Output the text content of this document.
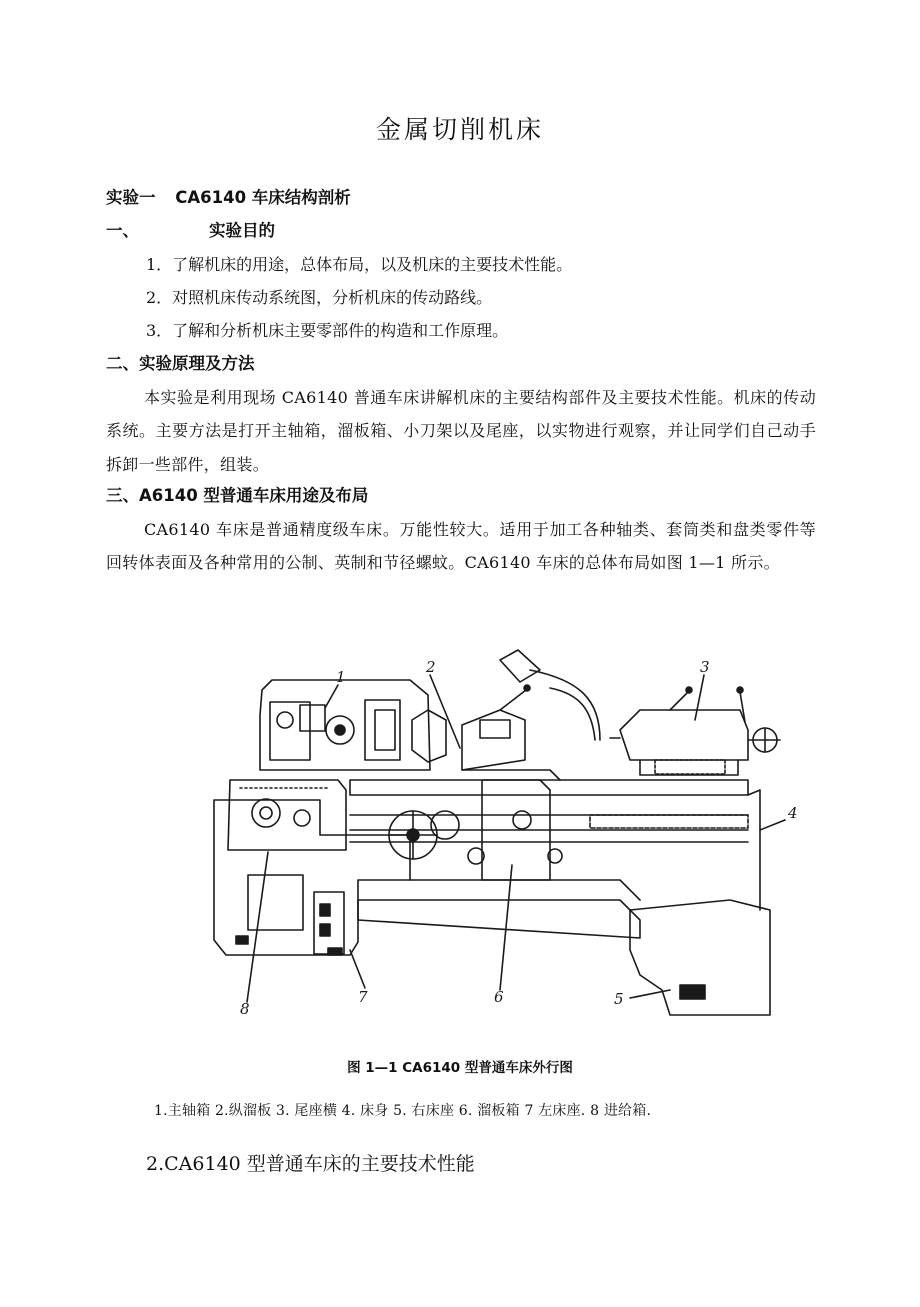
金属切削机床
实验一 CA6140 车床结构剖析
一、	实验目的
1．了解机床的用途，总体布局，以及机床的主要技术性能。
2．对照机床传动系统图，分析机床的传动路线。
3．了解和分析机床主要零部件的构造和工作原理。
二、实验原理及方法
本实验是利用现场 CA6140 普通车床讲解机床的主要结构部件及主要技术性能。机床的传动系统。主要方法是打开主轴箱，溜板箱、小刀架以及尾座，以实物进行观察，并让同学们自己动手拆卸一些部件，组装。
三、A6140 型普通车床用途及布局
CA6140 车床是普通精度级车床。万能性较大。适用于加工各种轴类、套筒类和盘类零件等回转体表面及各种常用的公制、英制和节径螺蚊。CA6140 车床的总体布局如图 1—1 所示。
1
2	3
4
5
6
7
8
图 1—1 CA6140 型普通车床外行图
1.主轴箱 2.纵溜板 3. 尾座横 4. 床身 5. 右床座 6. 溜板箱 7 左床座. 8 进给箱.
2.CA6140 型普通车床的主要技术性能
